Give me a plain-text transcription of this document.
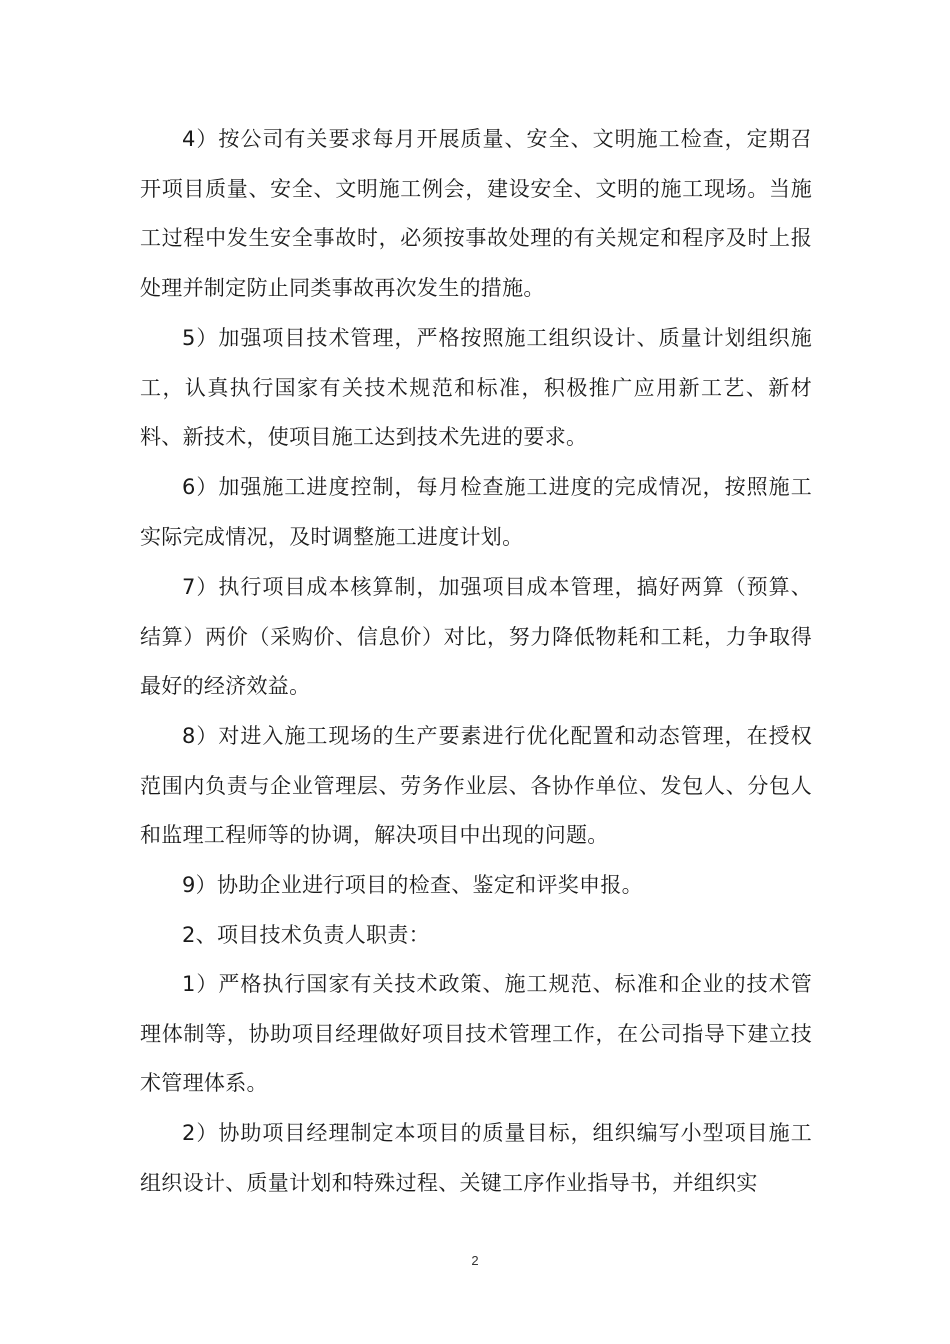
4）按公司有关要求每月开展质量、安全、文明施工检查，定期召开项目质量、安全、文明施工例会，建设安全、文明的施工现场。当施工过程中发生安全事故时，必须按事故处理的有关规定和程序及时上报处理并制定防止同类事故再次发生的措施。

5）加强项目技术管理，严格按照施工组织设计、质量计划组织施工，认真执行国家有关技术规范和标准，积极推广应用新工艺、新材料、新技术，使项目施工达到技术先进的要求。

6）加强施工进度控制，每月检查施工进度的完成情况，按照施工实际完成情况，及时调整施工进度计划。

7）执行项目成本核算制，加强项目成本管理，搞好两算（预算、结算）两价（采购价、信息价）对比，努力降低物耗和工耗，力争取得最好的经济效益。

8）对进入施工现场的生产要素进行优化配置和动态管理，在授权范围内负责与企业管理层、劳务作业层、各协作单位、发包人、分包人和监理工程师等的协调，解决项目中出现的问题。

9）协助企业进行项目的检查、鉴定和评奖申报。

2、项目技术负责人职责：

1）严格执行国家有关技术政策、施工规范、标准和企业的技术管理体制等，协助项目经理做好项目技术管理工作，在公司指导下建立技术管理体系。

2）协助项目经理制定本项目的质量目标，组织编写小型项目施工组织设计、质量计划和特殊过程、关键工序作业指导书，并组织实

2
